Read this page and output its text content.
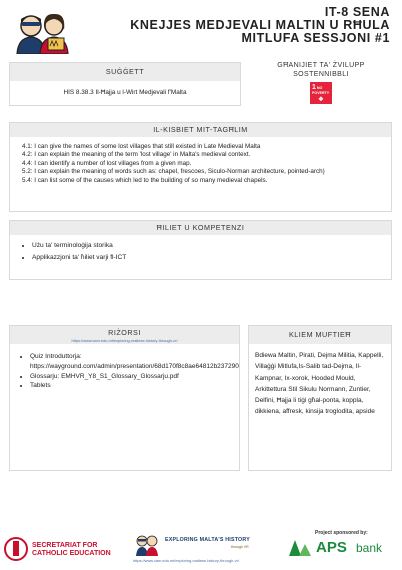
IT-8 SENA
KNEJJES MEDJEVALI MALTIN U RĦULA
MITLUFA SESSJONI #1
SUĠĠETT
HIS 8.38.3 Il-Ħajja u l-Wirt Medjevali f'Malta
GĦANIJIET TA' ŻVILUPP
SOSTENNIBBLI
1 NO POVERTY
❖
IL-KISBIET MIT-TAGĦLIM
4.1: I can give the names of some lost villages that still existed in Late Medieval Malta
4.2: I can explain the meaning of the term 'lost village' in Malta's medieval context.
4.4: I can identify a number of lost villages from a given map.
5.2: I can explain the meaning of words such as: chapel, frescoes, Siculo-Norman architecture, pointed-arch)
5.4: I can list some of the causes which led to the building of so many medieval chapels.
ĦILIET U KOMPETENZI
• Użu ta' terminoloġija storika
• Applikazzjoni ta' ħiliet varji fl-ICT
RIŻORSI
https://www.cam.edu.mt/exploring-maltese-history-through-vr/
• Quiz Introduttorja: https://wayground.com/admin/presentation/68d170f8c8ae64812b237290
• Glossarju: EMHVR_Y8_S1_Glossary_Glossarju.pdf
• Tablets
KLIEM MUFTIEĦ

Bdiewa Maltin, Pirati, Dejma Militia, Kappelli, Villaġġi Mitlufa,Is-Salib tad-Dejma, Il-Kampnar, Ix-xorok, Hooded Mould, Arkittettura Stil Sikulu Normann, Zuntier, Delfini, Ħajja li tiġi għal-ponta, koppla, dikkiena, affresk, kinsija trogloditа, apside

SECRETARIAT FOR
CATHOLIC EDUCATION
EXPLORING MALTA'S HISTORY
through VR
https://www.cam.edu.mt/exploring-maltese-history-through-vr/
Project sponsored by:
APS bank
